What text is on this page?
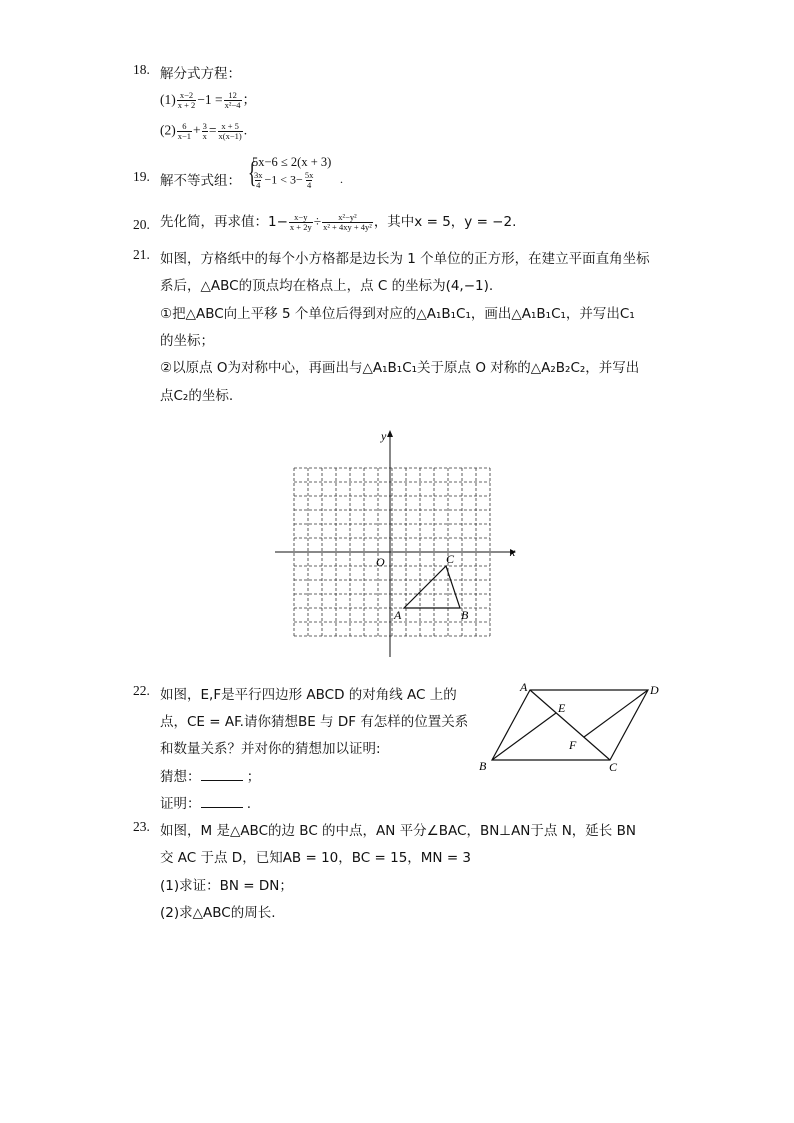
18. 解分式方程：
$(1) \frac{x-2}{x + 2} -1 = \frac{12}{\text{x²−4}}$ ；
$(2) \frac{6}{x-1} + \frac{3}{x} = \frac{x + 5}{x(x-1)}$ .
19. 解不等式组： {
5x−6 ≤ 2(x + 3)
$\frac{3x}{4} -1 < 3- \frac{5x}{4}$ .
20. 先化简，再求值：$1- \frac{x-y}{x + 2y} \div \frac{\text{x²−y²}}{\text{x² + 4xy + 4y²}}$ ，其中x = 5，y = −2.
21. 如图，方格纸中的每个小方格都是边长为 1 个单位的正方形，在建立平面直角坐标
系后，△ABC的顶点均在格点上，点 C 的坐标为(4,−1).
①把△ABC向上平移 5 个单位后得到对应的△A₁B₁C₁，画出△A₁B₁C₁，并写出C₁
的坐标；
②以原点 O为对称中心，再画出与△A₁B₁C₁关于原点 O 对称的△A₂B₂C₂，并写出
点C₂的坐标.
y
x
O
A	B
C
22. 如图，E,F是平行四边形 ABCD 的对角线 AC 上的
点，CE = AF.请你猜想BE 与 DF 有怎样的位置关系
和数量关系？并对你的猜想加以证明:
猜想：	；
证明：	.
A	D
B	C
E
F
23. 如图，M 是△ABC的边 BC 的中点，AN 平分∠BAC，BN⊥AN于点 N，延长 BN
交 AC 于点 D，已知AB = 10，BC = 15，MN = 3
(1)求证：BN = DN；
(2)求△ABC的周长.
